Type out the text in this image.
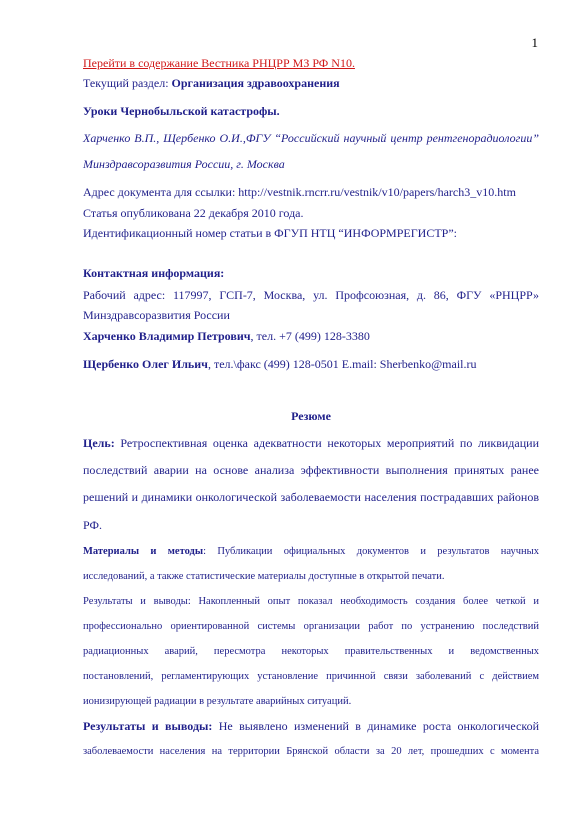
1
Перейти в содержание Вестника РНЦРР МЗ РФ N10.
Текущий раздел: Организация здравоохранения
Уроки Чернобыльской катастрофы.
Харченко В.П., Щербенко О.И.,ФГУ “Российский научный центр рентгенорадиологии”
Минздравсоразвития России, г. Москва
Адрес документа для ссылки: http://vestnik.rncrr.ru/vestnik/v10/papers/harch3_v10.htm
Статья опубликована 22 декабря 2010 года.
Идентификационный номер статьи в ФГУП НТЦ “ИНФОРМРЕГИСТР”:
Контактная информация:
Рабочий адрес: 117997, ГСП-7, Москва, ул. Профсоюзная, д. 86, ФГУ «РНЦРР»
Минздравсоразвития России
Харченко Владимир Петрович, тел. +7 (499) 128-3380
Щербенко Олег Ильич, тел.\факс (499) 128-0501 E.mail: Sherbenko@mail.ru
Резюме
Цель: Ретроспективная оценка адекватности некоторых мероприятий по ликвидации
последствий аварии на основе анализа эффективности выполнения принятых ранее
решений и динамики онкологической заболеваемости населения пострадавших районов
РФ.
Материалы и методы: Публикации официальных документов и результатов научных
исследований, а также статистические материалы доступные в открытой печати.
Результаты и выводы: Накопленный опыт показал необходимость создания более четкой и
профессионально ориентированной системы организации работ по устранению последствий
радиационных аварий, пересмотра некоторых правительственных и ведомственных
постановлений, регламентирующих установление причинной связи заболеваний с действием
ионизирующей радиации в результате аварийных ситуаций.
Результаты и выводы: Не выявлено изменений в динамике роста онкологической
заболеваемости населения на территории Брянской области за 20 лет, прошедших с момента
